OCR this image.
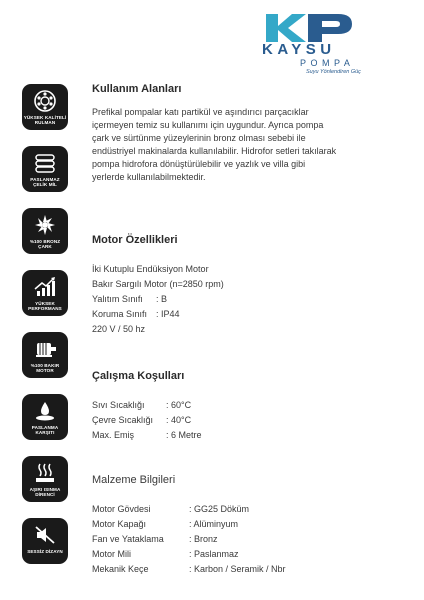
KAYSU
POMPA
Suyu Yönlendiren Güç
YÜKSEK KALİTELİ RULMAN
PASLANMAZ ÇELİK MİL
%100 BRONZ ÇARK
YÜKSEK PERFORMANS
%100 BAKIR MOTOR
PASLANMA KARŞITI
AŞIRI ISINMA DİRENCİ
SESSİZ DİZAYN
Kullanım Alanları
Prefikal pompalar katı partikül ve aşındırıcı parçacıklar
içermeyen temiz su kullanımı için uygundur. Ayrıca pompa
çark ve sürtünme yüzeylerinin bronz olması sebebi ile
endüstriyel makinalarda kullanılabilir. Hidrofor setleri takılarak
pompa hidrofora dönüştürülebilir ve yazlık ve villa gibi
yerlerde kullanılabilmektedir.
Motor Özellikleri
İki Kutuplu Endüksiyon Motor
Bakır Sargılı Motor (n=2850 rpm)
Yalıtım Sınıfı : B
Koruma Sınıfı : IP44
220 V / 50 hz
Çalışma Koşulları
Sıvı Sıcaklığı : 60°C
Çevre Sıcaklığı : 40°C
Max. Emiş	: 6 Metre
Malzeme Bilgileri
Motor Gövdesi	: GG25 Döküm
Motor Kapağı	: Alüminyum
Fan ve Yataklama	: Bronz
Motor Mili	: Paslanmaz
Mekanik Keçe	: Karbon / Seramik / Nbr
